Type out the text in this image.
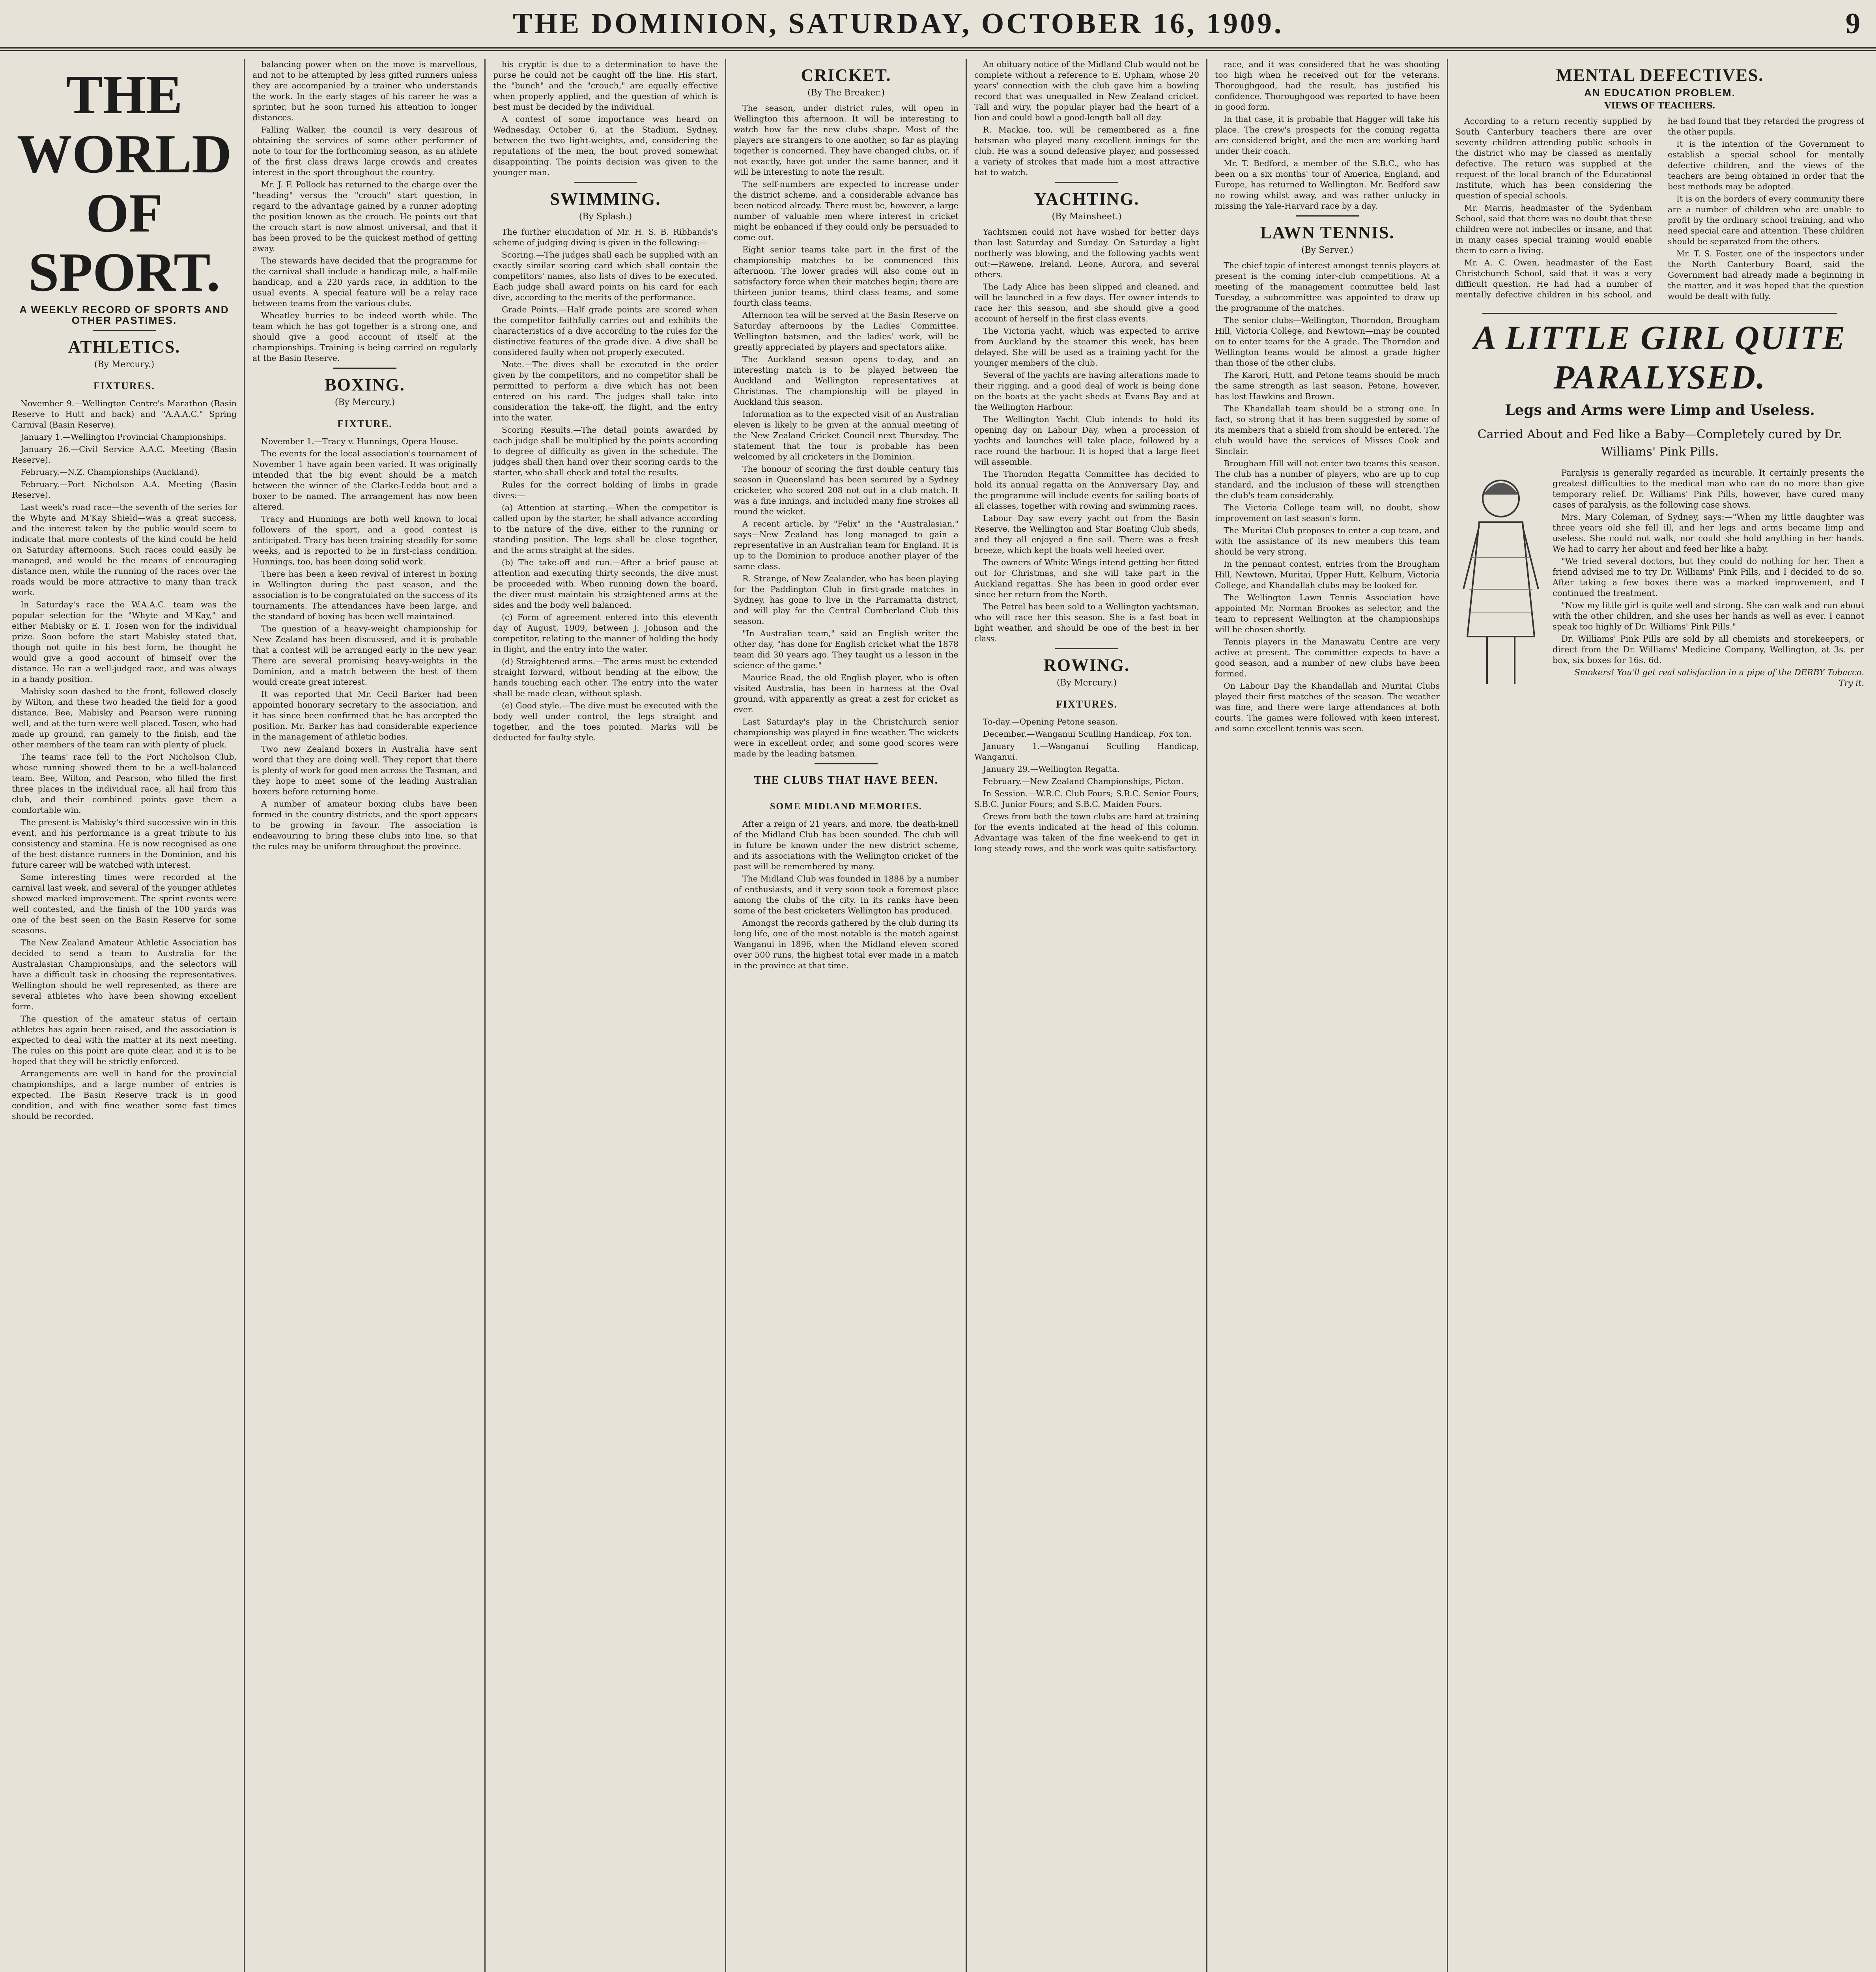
THE DOMINION, SATURDAY, OCTOBER 16, 1909.	9
THE WORLD OF SPORT.
A WEEKLY RECORD OF SPORTS AND OTHER PASTIMES.
ATHLETICS.
(By Mercury.)
FIXTURES.

November 9.—Wellington Centre's Marathon (Basin Reserve to Hutt and back) and "A.A.A.C." Spring Carnival (Basin Reserve).

January 1.—Wellington Provincial Championships.

January 26.—Civil Service A.A.C. Meeting (Basin Reserve).

February.—N.Z. Championships (Auckland).

February.—Port Nicholson A.A. Meeting (Basin Reserve).

Last week's road race—the seventh of the series for the Whyte and M'Kay Shield—was a great success, and the interest taken by the public would seem to indicate that more contests of the kind could be held on Saturday afternoons. Such races could easily be managed, and would be the means of encouraging distance men, while the running of the races over the roads would be more attractive to many than track work.

In Saturday's race the W.A.A.C. team was the popular selection for the "Whyte and M'Kay," and either Mabisky or E. T. Tosen won for the individual prize. Soon before the start Mabisky stated that, though not quite in his best form, he thought he would give a good account of himself over the distance. He ran a well-judged race, and was always in a handy position.

Mabisky soon dashed to the front, followed closely by Wilton, and these two headed the field for a good distance. Bee, Mabisky and Pearson were running well, and at the turn were well placed. Tosen, who had made up ground, ran gamely to the finish, and the other members of the team ran with plenty of pluck.

The teams' race fell to the Port Nicholson Club, whose running showed them to be a well-balanced team. Bee, Wilton, and Pearson, who filled the first three places in the individual race, all hail from this club, and their combined points gave them a comfortable win.

The present is Mabisky's third successive win in this event, and his performance is a great tribute to his consistency and stamina. He is now recognised as one of the best distance runners in the Dominion, and his future career will be watched with interest.

Some interesting times were recorded at the carnival last week, and several of the younger athletes showed marked improvement. The sprint events were well contested, and the finish of the 100 yards was one of the best seen on the Basin Reserve for some seasons.

The New Zealand Amateur Athletic Association has decided to send a team to Australia for the Australasian Championships, and the selectors will have a difficult task in choosing the representatives. Wellington should be well represented, as there are several athletes who have been showing excellent form.

The question of the amateur status of certain athletes has again been raised, and the association is expected to deal with the matter at its next meeting. The rules on this point are quite clear, and it is to be hoped that they will be strictly enforced.

Arrangements are well in hand for the provincial championships, and a large number of entries is expected. The Basin Reserve track is in good condition, and with fine weather some fast times should be recorded.

balancing power when on the move is marvellous, and not to be attempted by less gifted runners unless they are accompanied by a trainer who understands the work. In the early stages of his career he was a sprinter, but he soon turned his attention to longer distances.

Falling Walker, the council is very desirous of obtaining the services of some other performer of note to tour for the forthcoming season, as an athlete of the first class draws large crowds and creates interest in the sport throughout the country.

Mr. J. F. Pollock has returned to the charge over the "heading" versus the "crouch" start question, in regard to the advantage gained by a runner adopting the position known as the crouch. He points out that the crouch start is now almost universal, and that it has been proved to be the quickest method of getting away.

The stewards have decided that the programme for the carnival shall include a handicap mile, a half-mile handicap, and a 220 yards race, in addition to the usual events. A special feature will be a relay race between teams from the various clubs.

Wheatley hurries to be indeed worth while. The team which he has got together is a strong one, and should give a good account of itself at the championships. Training is being carried on regularly at the Basin Reserve.

BOXING.
(By Mercury.)
FIXTURE.

November 1.—Tracy v. Hunnings, Opera House.

The events for the local association's tournament of November 1 have again been varied. It was originally intended that the big event should be a match between the winner of the Clarke-Ledda bout and a boxer to be named. The arrangement has now been altered.

Tracy and Hunnings are both well known to local followers of the sport, and a good contest is anticipated. Tracy has been training steadily for some weeks, and is reported to be in first-class condition. Hunnings, too, has been doing solid work.

There has been a keen revival of interest in boxing in Wellington during the past season, and the association is to be congratulated on the success of its tournaments. The attendances have been large, and the standard of boxing has been well maintained.

The question of a heavy-weight championship for New Zealand has been discussed, and it is probable that a contest will be arranged early in the new year. There are several promising heavy-weights in the Dominion, and a match between the best of them would create great interest.

It was reported that Mr. Cecil Barker had been appointed honorary secretary to the association, and it has since been confirmed that he has accepted the position. Mr. Barker has had considerable experience in the management of athletic bodies.

Two new Zealand boxers in Australia have sent word that they are doing well. They report that there is plenty of work for good men across the Tasman, and they hope to meet some of the leading Australian boxers before returning home.

A number of amateur boxing clubs have been formed in the country districts, and the sport appears to be growing in favour. The association is endeavouring to bring these clubs into line, so that the rules may be uniform throughout the province.

his cryptic is due to a determination to have the purse he could not be caught off the line. His start, the "bunch" and the "crouch," are equally effective when properly applied, and the question of which is best must be decided by the individual.

A contest of some importance was heard on Wednesday, October 6, at the Stadium, Sydney, between the two light-weights, and, considering the reputations of the men, the bout proved somewhat disappointing. The points decision was given to the younger man.

SWIMMING.
(By Splash.)

The further elucidation of Mr. H. S. B. Ribbands's scheme of judging diving is given in the following:—

Scoring.—The judges shall each be supplied with an exactly similar scoring card which shall contain the competitors' names, also lists of dives to be executed. Each judge shall award points on his card for each dive, according to the merits of the performance.

Grade Points.—Half grade points are scored when the competitor faithfully carries out and exhibits the characteristics of a dive according to the rules for the distinctive features of the grade dive. A dive shall be considered faulty when not properly executed.

Note.—The dives shall be executed in the order given by the competitors, and no competitor shall be permitted to perform a dive which has not been entered on his card. The judges shall take into consideration the take-off, the flight, and the entry into the water.

Scoring Results.—The detail points awarded by each judge shall be multiplied by the points according to degree of difficulty as given in the schedule. The judges shall then hand over their scoring cards to the starter, who shall check and total the results.

Rules for the correct holding of limbs in grade dives:—

(a) Attention at starting.—When the competitor is called upon by the starter, he shall advance according to the nature of the dive, either to the running or standing position. The legs shall be close together, and the arms straight at the sides.

(b) The take-off and run.—After a brief pause at attention and executing thirty seconds, the dive must be proceeded with. When running down the board, the diver must maintain his straightened arms at the sides and the body well balanced.

(c) Form of agreement entered into this eleventh day of August, 1909, between J. Johnson and the competitor, relating to the manner of holding the body in flight, and the entry into the water.

(d) Straightened arms.—The arms must be extended straight forward, without bending at the elbow, the hands touching each other. The entry into the water shall be made clean, without splash.

(e) Good style.—The dive must be executed with the body well under control, the legs straight and together, and the toes pointed. Marks will be deducted for faulty style.

CRICKET.
(By The Breaker.)

The season, under district rules, will open in Wellington this afternoon. It will be interesting to watch how far the new clubs shape. Most of the players are strangers to one another, so far as playing together is concerned. They have changed clubs, or, if not exactly, have got under the same banner, and it will be interesting to note the result.

The self-numbers are expected to increase under the district scheme, and a considerable advance has been noticed already. There must be, however, a large number of valuable men where interest in cricket might be enhanced if they could only be persuaded to come out.

Eight senior teams take part in the first of the championship matches to be commenced this afternoon. The lower grades will also come out in satisfactory force when their matches begin; there are thirteen junior teams, third class teams, and some fourth class teams.

Afternoon tea will be served at the Basin Reserve on Saturday afternoons by the Ladies' Committee. Wellington batsmen, and the ladies' work, will be greatly appreciated by players and spectators alike.

The Auckland season opens to-day, and an interesting match is to be played between the Auckland and Wellington representatives at Christmas. The championship will be played in Auckland this season.

Information as to the expected visit of an Australian eleven is likely to be given at the annual meeting of the New Zealand Cricket Council next Thursday. The statement that the tour is probable has been welcomed by all cricketers in the Dominion.

The honour of scoring the first double century this season in Queensland has been secured by a Sydney cricketer, who scored 208 not out in a club match. It was a fine innings, and included many fine strokes all round the wicket.

A recent article, by "Felix" in the "Australasian," says—New Zealand has long managed to gain a representative in an Australian team for England. It is up to the Dominion to produce another player of the same class.

R. Strange, of New Zealander, who has been playing for the Paddington Club in first-grade matches in Sydney, has gone to live in the Parramatta district, and will play for the Central Cumberland Club this season.

"In Australian team," said an English writer the other day, "has done for English cricket what the 1878 team did 30 years ago. They taught us a lesson in the science of the game."

Maurice Read, the old English player, who is often visited Australia, has been in harness at the Oval ground, with apparently as great a zest for cricket as ever.

Last Saturday's play in the Christchurch senior championship was played in fine weather. The wickets were in excellent order, and some good scores were made by the leading batsmen.

THE CLUBS THAT HAVE BEEN.
SOME MIDLAND MEMORIES.

After a reign of 21 years, and more, the death-knell of the Midland Club has been sounded. The club will in future be known under the new district scheme, and its associations with the Wellington cricket of the past will be remembered by many.

The Midland Club was founded in 1888 by a number of enthusiasts, and it very soon took a foremost place among the clubs of the city. In its ranks have been some of the best cricketers Wellington has produced.

Amongst the records gathered by the club during its long life, one of the most notable is the match against Wanganui in 1896, when the Midland eleven scored over 500 runs, the highest total ever made in a match in the province at that time.

An obituary notice of the Midland Club would not be complete without a reference to E. Upham, whose 20 years' connection with the club gave him a bowling record that was unequalled in New Zealand cricket. Tall and wiry, the popular player had the heart of a lion and could bowl a good-length ball all day.

R. Mackie, too, will be remembered as a fine batsman who played many excellent innings for the club. He was a sound defensive player, and possessed a variety of strokes that made him a most attractive bat to watch.

YACHTING.
(By Mainsheet.)

Yachtsmen could not have wished for better days than last Saturday and Sunday. On Saturday a light northerly was blowing, and the following yachts went out:—Rawene, Ireland, Leone, Aurora, and several others.

The Lady Alice has been slipped and cleaned, and will be launched in a few days. Her owner intends to race her this season, and she should give a good account of herself in the first class events.

The Victoria yacht, which was expected to arrive from Auckland by the steamer this week, has been delayed. She will be used as a training yacht for the younger members of the club.

Several of the yachts are having alterations made to their rigging, and a good deal of work is being done on the boats at the yacht sheds at Evans Bay and at the Wellington Harbour.

The Wellington Yacht Club intends to hold its opening day on Labour Day, when a procession of yachts and launches will take place, followed by a race round the harbour. It is hoped that a large fleet will assemble.

The Thorndon Regatta Committee has decided to hold its annual regatta on the Anniversary Day, and the programme will include events for sailing boats of all classes, together with rowing and swimming races.

Labour Day saw every yacht out from the Basin Reserve, the Wellington and Star Boating Club sheds, and they all enjoyed a fine sail. There was a fresh breeze, which kept the boats well heeled over.

The owners of White Wings intend getting her fitted out for Christmas, and she will take part in the Auckland regattas. She has been in good order ever since her return from the North.

The Petrel has been sold to a Wellington yachtsman, who will race her this season. She is a fast boat in light weather, and should be one of the best in her class.

ROWING.
(By Mercury.)
FIXTURES.

To-day.—Opening Petone season.

December.—Wanganui Sculling Handicap, Fox ton.

January 1.—Wanganui Sculling Handicap, Wanganui.

January 29.—Wellington Regatta.

February.—New Zealand Championships, Picton.

In Session.—W.R.C. Club Fours; S.B.C. Senior Fours; S.B.C. Junior Fours; and S.B.C. Maiden Fours.

Crews from both the town clubs are hard at training for the events indicated at the head of this column. Advantage was taken of the fine week-end to get in long steady rows, and the work was quite satisfactory.

race, and it was considered that he was shooting too high when he received out for the veterans. Thoroughgood, had the result, has justified his confidence. Thoroughgood was reported to have been in good form.

In that case, it is probable that Hagger will take his place. The crew's prospects for the coming regatta are considered bright, and the men are working hard under their coach.

Mr. T. Bedford, a member of the S.B.C., who has been on a six months' tour of America, England, and Europe, has returned to Wellington. Mr. Bedford saw no rowing whilst away, and was rather unlucky in missing the Yale-Harvard race by a day.

LAWN TENNIS.
(By Server.)

The chief topic of interest amongst tennis players at present is the coming inter-club competitions. At a meeting of the management committee held last Tuesday, a subcommittee was appointed to draw up the programme of the matches.

The senior clubs—Wellington, Thorndon, Brougham Hill, Victoria College, and Newtown—may be counted on to enter teams for the A grade. The Thorndon and Wellington teams would be almost a grade higher than those of the other clubs.

The Karori, Hutt, and Petone teams should be much the same strength as last season, Petone, however, has lost Hawkins and Brown.

The Khandallah team should be a strong one. In fact, so strong that it has been suggested by some of its members that a shield from should be entered. The club would have the services of Misses Cook and Sinclair.

Brougham Hill will not enter two teams this season. The club has a number of players, who are up to cup standard, and the inclusion of these will strengthen the club's team considerably.

The Victoria College team will, no doubt, show improvement on last season's form.

The Muritai Club proposes to enter a cup team, and with the assistance of its new members this team should be very strong.

In the pennant contest, entries from the Brougham Hill, Newtown, Muritai, Upper Hutt, Kelburn, Victoria College, and Khandallah clubs may be looked for.

The Wellington Lawn Tennis Association have appointed Mr. Norman Brookes as selector, and the team to represent Wellington at the championships will be chosen shortly.

Tennis players in the Manawatu Centre are very active at present. The committee expects to have a good season, and a number of new clubs have been formed.

On Labour Day the Khandallah and Muritai Clubs played their first matches of the season. The weather was fine, and there were large attendances at both courts. The games were followed with keen interest, and some excellent tennis was seen.

MENTAL DEFECTIVES.
AN EDUCATION PROBLEM.
VIEWS OF TEACHERS.

According to a return recently supplied by South Canterbury teachers there are over seventy children attending public schools in the district who may be classed as mentally defective. The return was supplied at the request of the local branch of the Educational Institute, which has been considering the question of special schools.

Mr. Marris, headmaster of the Sydenham School, said that there was no doubt that these children were not imbeciles or insane, and that in many cases special training would enable them to earn a living.

Mr. A. C. Owen, headmaster of the East Christchurch School, said that it was a very difficult question. He had had a number of mentally defective children in his school, and he had found that they retarded the progress of the other pupils.

It is the intention of the Government to establish a special school for mentally defective children, and the views of the teachers are being obtained in order that the best methods may be adopted.

It is on the borders of every community there are a number of children who are unable to profit by the ordinary school training, and who need special care and attention. These children should be separated from the others.

Mr. T. S. Foster, one of the inspectors under the North Canterbury Board, said the Government had already made a beginning in the matter, and it was hoped that the question would be dealt with fully.

A LITTLE GIRL QUITE PARALYSED.
Legs and Arms were Limp and Useless.
Carried About and Fed like a Baby—Completely cured by Dr. Williams' Pink Pills.

Paralysis is generally regarded as incurable. It certainly presents the greatest difficulties to the medical man who can do no more than give temporary relief. Dr. Williams' Pink Pills, however, have cured many cases of paralysis, as the following case shows.

Mrs. Mary Coleman, of Sydney, says:—"When my little daughter was three years old she fell ill, and her legs and arms became limp and useless. She could not walk, nor could she hold anything in her hands. We had to carry her about and feed her like a baby.

"We tried several doctors, but they could do nothing for her. Then a friend advised me to try Dr. Williams' Pink Pills, and I decided to do so. After taking a few boxes there was a marked improvement, and I continued the treatment.

"Now my little girl is quite well and strong. She can walk and run about with the other children, and she uses her hands as well as ever. I cannot speak too highly of Dr. Williams' Pink Pills."

Dr. Williams' Pink Pills are sold by all chemists and storekeepers, or direct from the Dr. Williams' Medicine Company, Wellington, at 3s. per box, six boxes for 16s. 6d.

Smokers! You'll get real satisfaction in a pipe of the DERBY Tobacco. Try it.
